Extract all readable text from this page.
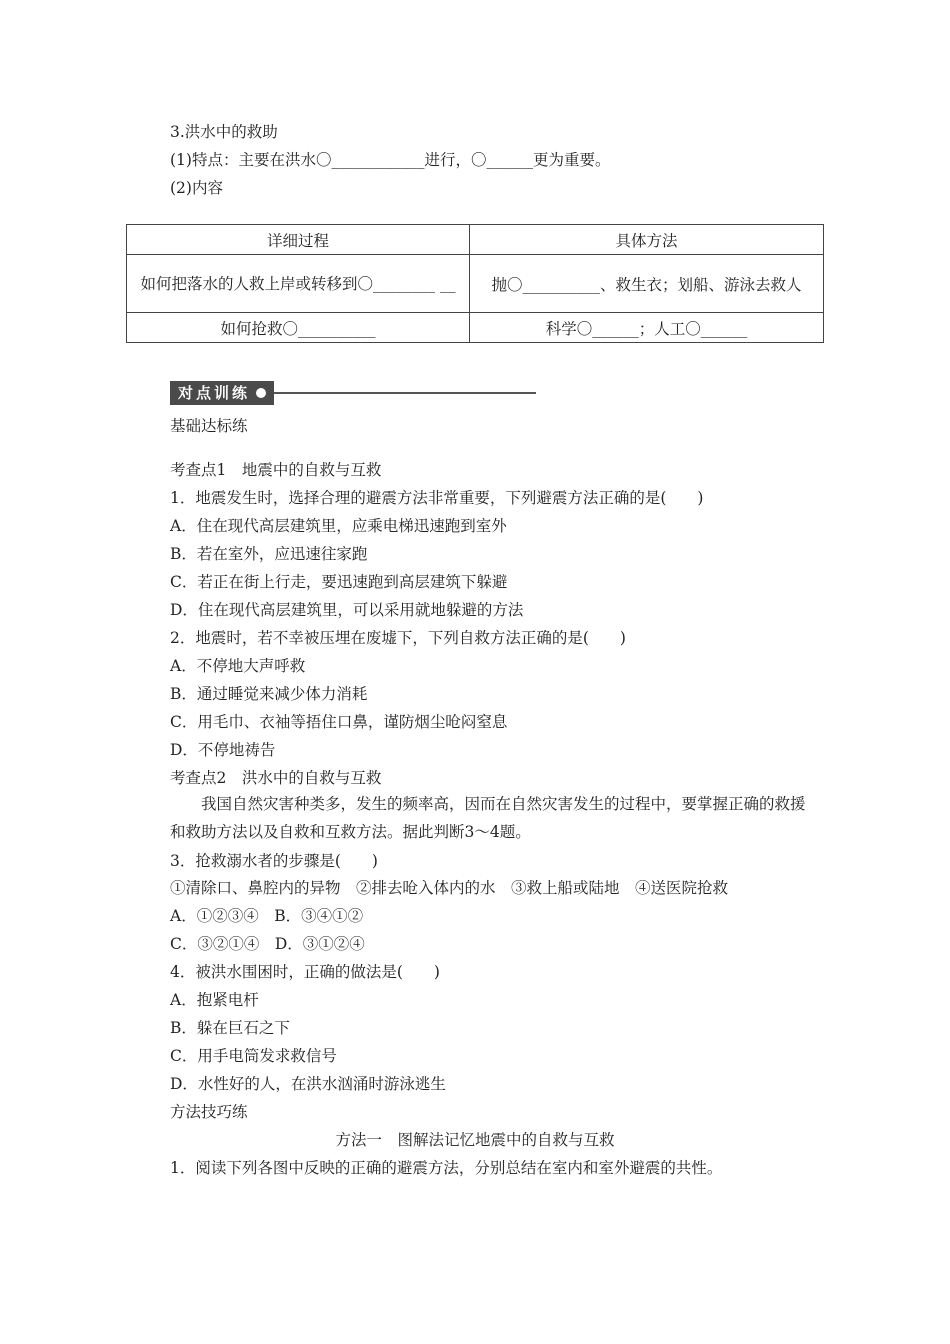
3.洪水中的救助
(1)特点：主要在洪水〇____________进行，〇______更为重要。
(2)内容
详细过程	具体方法
如何把落水的人救上岸或转移到〇________ __	抛〇__________、救生衣；划船、游泳去救人
如何抢救〇__________	科学〇______；人工〇______
对点训练
基础达标练
考查点1　地震中的自救与互救
1．地震发生时，选择合理的避震方法非常重要，下列避震方法正确的是(　　)
A．住在现代高层建筑里，应乘电梯迅速跑到室外
B．若在室外，应迅速往家跑
C．若正在街上行走，要迅速跑到高层建筑下躲避
D．住在现代高层建筑里，可以采用就地躲避的方法
2．地震时，若不幸被压埋在废墟下，下列自救方法正确的是(　　)
A．不停地大声呼救
B．通过睡觉来减少体力消耗
C．用毛巾、衣袖等捂住口鼻，谨防烟尘呛闷窒息
D．不停地祷告
考查点2　洪水中的自救与互救
　　我国自然灾害种类多，发生的频率高，因而在自然灾害发生的过程中，要掌握正确的救援和救助方法以及自救和互救方法。据此判断3～4题。
3．抢救溺水者的步骤是(　　)
①清除口、鼻腔内的异物　②排去呛入体内的水　③救上船或陆地　④送医院抢救
A．①②③④　B．③④①②
C．③②①④　D．③①②④
4．被洪水围困时，正确的做法是(　　)
A．抱紧电杆
B．躲在巨石之下
C．用手电筒发求救信号
D．水性好的人，在洪水汹涌时游泳逃生
方法技巧练
方法一　图解法记忆地震中的自救与互救
1．阅读下列各图中反映的正确的避震方法，分别总结在室内和室外避震的共性。
